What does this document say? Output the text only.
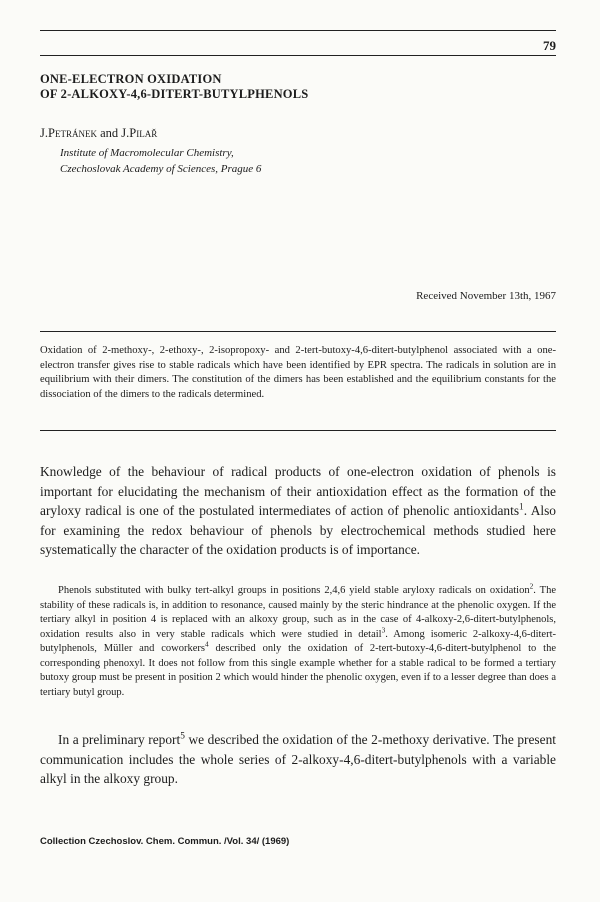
79
ONE-ELECTRON OXIDATION
OF 2-ALKOXY-4,6-DITERT-BUTYLPHENOLS
J.Petránek and J.Pilař
Institute of Macromolecular Chemistry,
Czechoslovak Academy of Sciences, Prague 6
Received November 13th, 1967

Oxidation of 2-methoxy-, 2-ethoxy-, 2-isopropoxy- and 2-tert-butoxy-4,6-ditert-butylphenol associated with a one-electron transfer gives rise to stable radicals which have been identified by EPR spectra. The radicals in solution are in equilibrium with their dimers. The constitution of the dimers has been established and the equilibrium constants for the dissociation of the dimers to the radicals determined.

Knowledge of the behaviour of radical products of one-electron oxidation of phenols is important for elucidating the mechanism of their antioxidation effect as the formation of the aryloxy radical is one of the postulated intermediates of action of phenolic antioxidants$^1$. Also for examining the redox behaviour of phenols by electrochemical methods studied here systematically the character of the oxidation products is of importance.

Phenols substituted with bulky tert-alkyl groups in positions 2,4,6 yield stable aryloxy radicals on oxidation$^2$. The stability of these radicals is, in addition to resonance, caused mainly by the steric hindrance at the phenolic oxygen. If the tertiary alkyl in position 4 is replaced with an alkoxy group, such as in the case of 4-alkoxy-2,6-ditert-butylphenols, oxidation results also in very stable radicals which were studied in detail$^3$. Among isomeric 2-alkoxy-4,6-ditert-butylphenols, Müller and coworkers$^4$ described only the oxidation of 2-tert-butoxy-4,6-ditert-butylphenol to the corresponding phenoxyl. It does not follow from this single example whether for a stable radical to be formed a tertiary butoxy group must be present in position 2 which would hinder the phenolic oxygen, even if to a lesser degree than does a tertiary butyl group.

In a preliminary report$^5$ we described the oxidation of the 2-methoxy derivative. The present communication includes the whole series of 2-alkoxy-4,6-ditert-butylphenols with a variable alkyl in the alkoxy group.

Collection Czechoslov. Chem. Commun. /Vol. 34/ (1969)
